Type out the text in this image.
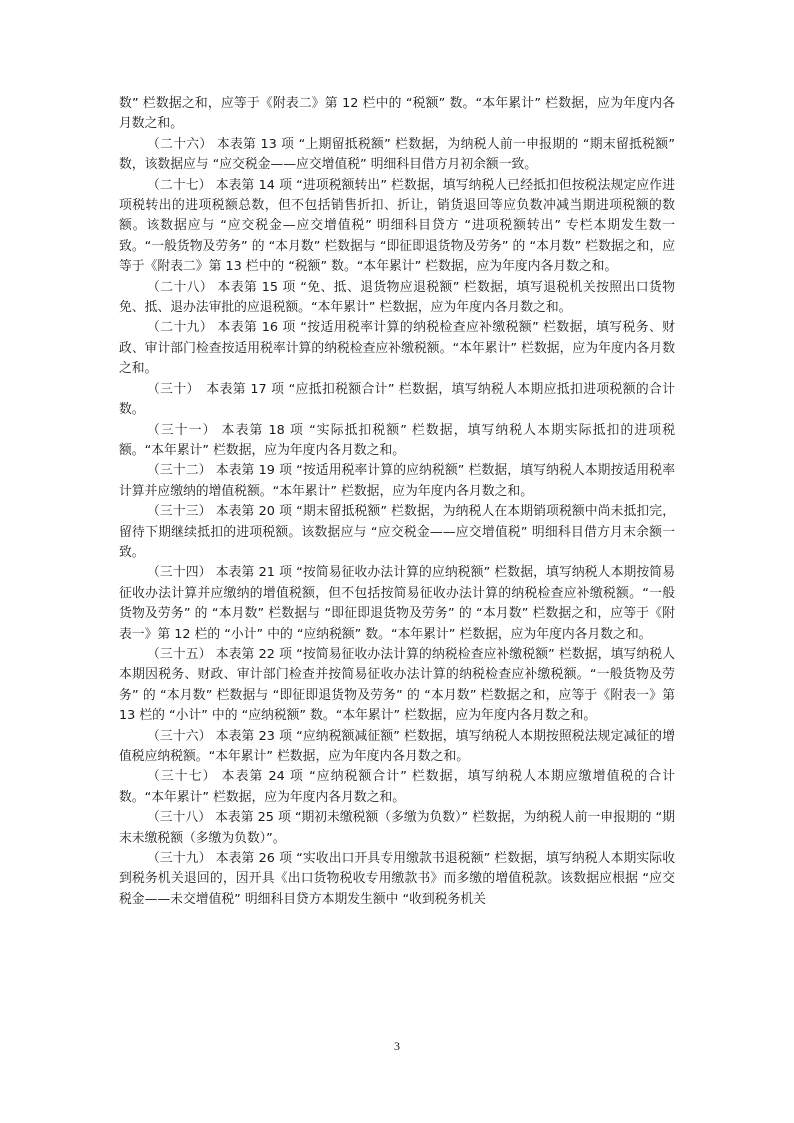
数” 栏数据之和，应等于《附表二》第 12 栏中的 “税额” 数。“本年累计” 栏数据，应为年度内各月数之和。

（二十六） 本表第 13 项 “上期留抵税额” 栏数据，为纳税人前一申报期的 “期末留抵税额” 数，该数据应与 “应交税金——应交增值税” 明细科目借方月初余额一致。

（二十七） 本表第 14 项 “进项税额转出” 栏数据，填写纳税人已经抵扣但按税法规定应作进项税转出的进项税额总数，但不包括销售折扣、折让，销货退回等应负数冲减当期进项税额的数额。该数据应与 “应交税金—应交增值税” 明细科目贷方 “进项税额转出” 专栏本期发生数一致。“一般货物及劳务” 的 “本月数” 栏数据与 “即征即退货物及劳务” 的 “本月数” 栏数据之和，应等于《附表二》第 13 栏中的 “税额” 数。“本年累计” 栏数据，应为年度内各月数之和。

（二十八） 本表第 15 项 “免、抵、退货物应退税额” 栏数据，填写退税机关按照出口货物免、抵、退办法审批的应退税额。“本年累计” 栏数据，应为年度内各月数之和。

（二十九） 本表第 16 项 “按适用税率计算的纳税检查应补缴税额” 栏数据，填写税务、财政、审计部门检查按适用税率计算的纳税检查应补缴税额。“本年累计” 栏数据，应为年度内各月数之和。

（三十）　本表第 17 项 “应抵扣税额合计” 栏数据，填写纳税人本期应抵扣进项税额的合计数。

（三十一） 本表第 18 项 “实际抵扣税额” 栏数据，填写纳税人本期实际抵扣的进项税额。“本年累计” 栏数据，应为年度内各月数之和。

（三十二） 本表第 19 项 “按适用税率计算的应纳税额” 栏数据，填写纳税人本期按适用税率计算并应缴纳的增值税额。“本年累计” 栏数据，应为年度内各月数之和。

（三十三） 本表第 20 项 “期末留抵税额” 栏数据，为纳税人在本期销项税额中尚未抵扣完，留待下期继续抵扣的进项税额。该数据应与 “应交税金——应交增值税” 明细科目借方月末余额一致。

（三十四） 本表第 21 项 “按简易征收办法计算的应纳税额” 栏数据，填写纳税人本期按简易征收办法计算并应缴纳的增值税额，但不包括按简易征收办法计算的纳税检查应补缴税额。“一般货物及劳务” 的 “本月数” 栏数据与 “即征即退货物及劳务” 的 “本月数” 栏数据之和，应等于《附表一》第 12 栏的 “小计” 中的 “应纳税额” 数。“本年累计” 栏数据，应为年度内各月数之和。

（三十五） 本表第 22 项 “按简易征收办法计算的纳税检查应补缴税额” 栏数据，填写纳税人本期因税务、财政、审计部门检查并按简易征收办法计算的纳税检查应补缴税额。“一般货物及劳务” 的 “本月数” 栏数据与 “即征即退货物及劳务” 的 “本月数” 栏数据之和，应等于《附表一》第 13 栏的 “小计” 中的 “应纳税额” 数。“本年累计” 栏数据，应为年度内各月数之和。

（三十六） 本表第 23 项 “应纳税额减征额” 栏数据，填写纳税人本期按照税法规定减征的增值税应纳税额。“本年累计” 栏数据，应为年度内各月数之和。

（三十七） 本表第 24 项 “应纳税额合计” 栏数据，填写纳税人本期应缴增值税的合计数。“本年累计” 栏数据，应为年度内各月数之和。

（三十八） 本表第 25 项 “期初未缴税额（多缴为负数）” 栏数据，为纳税人前一申报期的 “期末未缴税额（多缴为负数）”。

（三十九） 本表第 26 项 “实收出口开具专用缴款书退税额” 栏数据，填写纳税人本期实际收到税务机关退回的，因开具《出口货物税收专用缴款书》而多缴的增值税款。该数据应根据 “应交税金——未交增值税” 明细科目贷方本期发生额中 “收到税务机关

3
